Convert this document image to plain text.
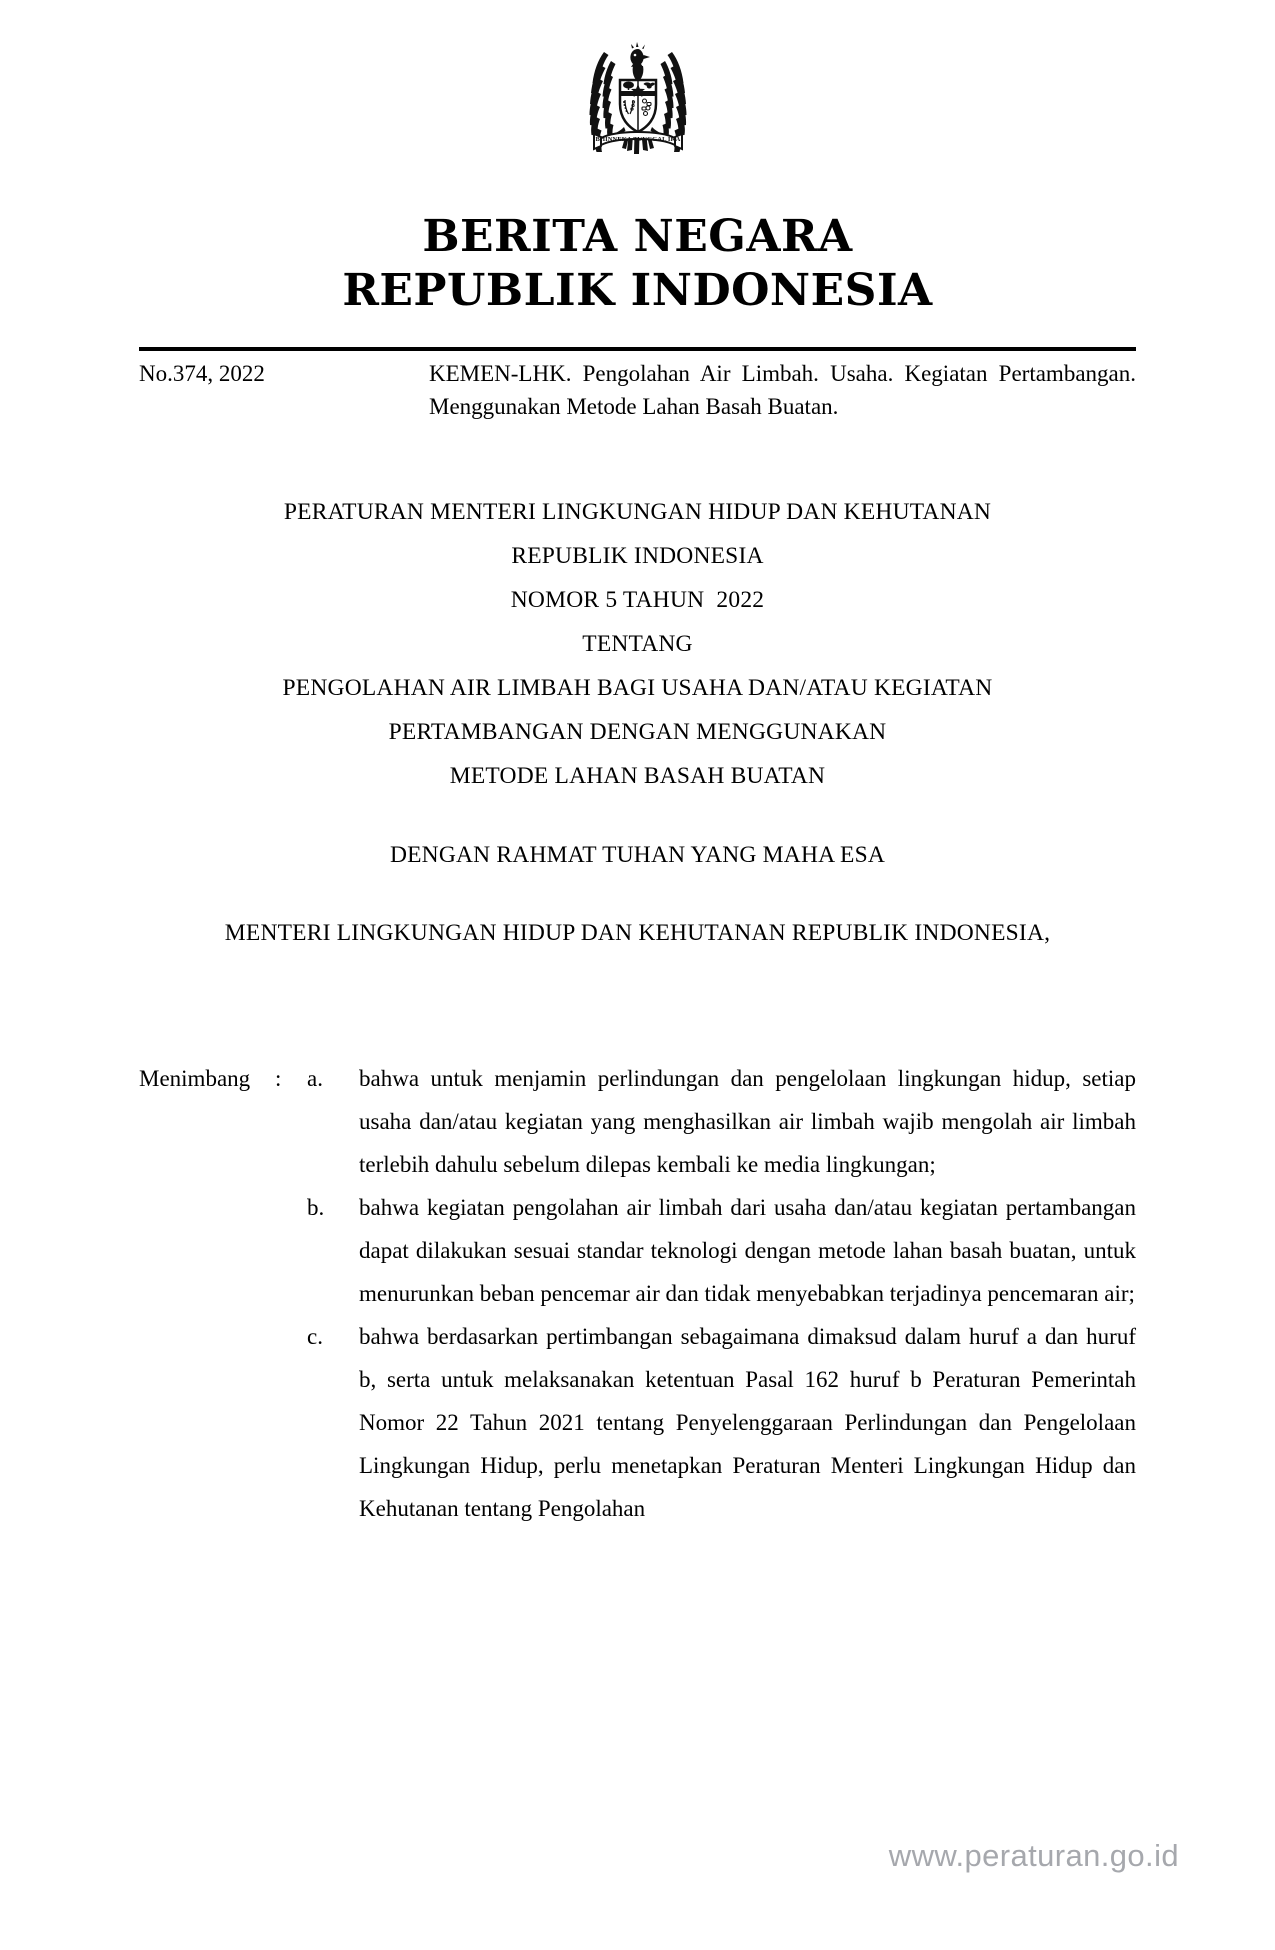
BHINNEKA TUNGGAL IKA
BERITA NEGARA
REPUBLIK INDONESIA
No.374, 2022	KEMEN-LHK. Pengolahan Air Limbah. Usaha. Kegiatan Pertambangan. Menggunakan Metode Lahan Basah Buatan.
PERATURAN MENTERI LINGKUNGAN HIDUP DAN KEHUTANAN
REPUBLIK INDONESIA
NOMOR 5 TAHUN  2022
TENTANG
PENGOLAHAN AIR LIMBAH BAGI USAHA DAN/ATAU KEGIATAN
PERTAMBANGAN DENGAN MENGGUNAKAN
METODE LAHAN BASAH BUATAN
DENGAN RAHMAT TUHAN YANG MAHA ESA
MENTERI LINGKUNGAN HIDUP DAN KEHUTANAN REPUBLIK INDONESIA,
Menimbang	:	a.	bahwa untuk menjamin perlindungan dan pengelolaan lingkungan hidup, setiap usaha dan/atau kegiatan yang menghasilkan air limbah wajib mengolah air limbah terlebih dahulu sebelum dilepas kembali ke media lingkungan;
b.	bahwa kegiatan pengolahan air limbah dari usaha dan/atau kegiatan pertambangan dapat dilakukan sesuai standar teknologi dengan metode lahan basah buatan, untuk menurunkan beban pencemar air dan tidak menyebabkan terjadinya pencemaran air;
c.	bahwa berdasarkan pertimbangan sebagaimana dimaksud dalam huruf a dan huruf b, serta untuk melaksanakan ketentuan Pasal 162 huruf b Peraturan Pemerintah Nomor 22 Tahun 2021 tentang Penyelenggaraan Perlindungan dan Pengelolaan Lingkungan Hidup, perlu menetapkan Peraturan Menteri Lingkungan Hidup dan Kehutanan tentang Pengolahan
www.peraturan.go.id
